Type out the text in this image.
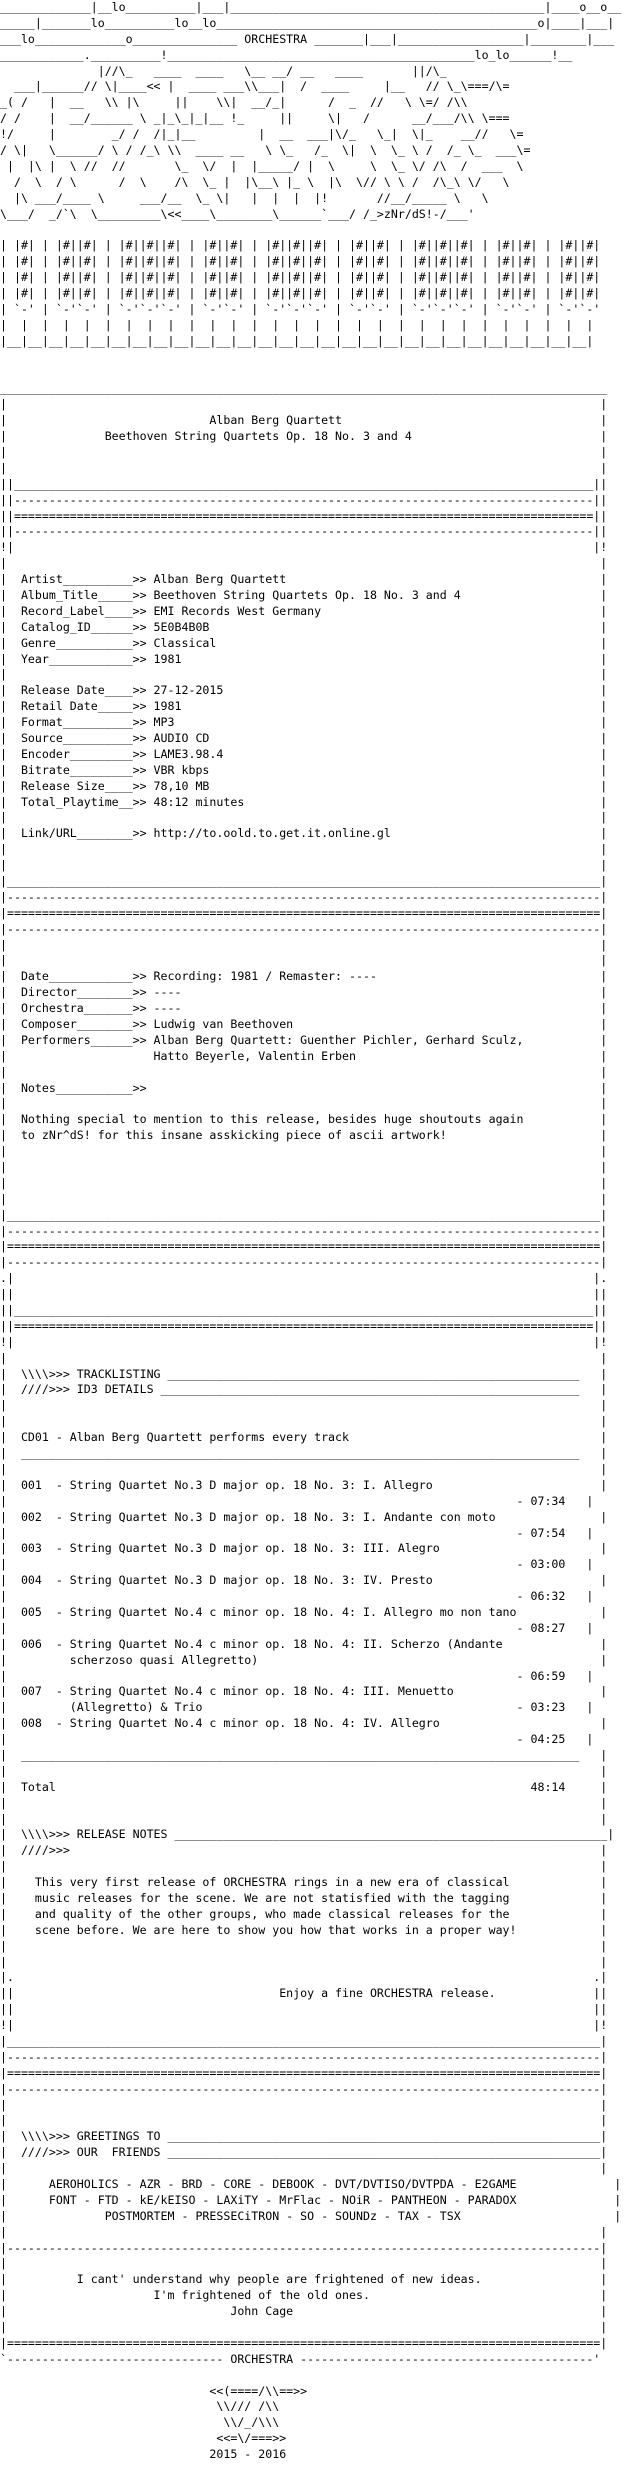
_____________|__lo__________|___|_____________________________________________|____o__o__
_____|_______lo__________lo__lo______________________________________________o|____|___|
___lo_____________o_______________ ORCHESTRA _______|___|__________________|________|___
____________.__________!____________________________________________lo_lo______!__
|//\_   ____  ____   \__ __/ __   ____       ||/\_
___|______// \|____<< |  ____ ___\\___|  /  ____     |__   // \_\===/\=
_( /   |  __   \\ |\     ||    \\|  __/_|      /  _  //   \ \=/ /\\
/ /    |  __/______ \ _|_\_|_|__ !_     ||     \|   /      __/___/\\ \===
!/     |        _/ /  /|_|__         |  __  ___|\/_   \_|  \|_    __//   \=
/ \|   \______/ \ / /_\ \\  ____ __   \ \_   /_  \|  \  \_ \ /  /_ \_  ___\=
|  |\ |  \ //  //       \_  \/  |  |_____/ |  \     \  \_ \/ /\  /  ___  \
/  \  / \      /  \    /\  \_ |  |\__\ |_ \  |\  \// \ \ /  /\_\ \/   \
|\ ___/____ \     ___/__  \_ \|   |  |  |  |!       //__/_____ \   \
\___/  _/`\  \_________\<<____\________\______`___/ /_>zNr/dS!-/___'

| |#| | |#||#| | |#||#||#| | |#||#| | |#||#||#| | |#||#| | |#||#||#| | |#||#| | |#||#|
| |#| | |#||#| | |#||#||#| | |#||#| | |#||#||#| | |#||#| | |#||#||#| | |#||#| | |#||#|
| |#| | |#||#| | |#||#||#| | |#||#| | |#||#||#| | |#||#| | |#||#||#| | |#||#| | |#||#|
| |#| | |#||#| | |#||#||#| | |#||#| | |#||#||#| | |#||#| | |#||#||#| | |#||#| | |#||#|
| `-' | `-'`-' | `-'`-'`-' | `-'`-' | `-'`-'`-' | `-'`-' | `-'`-'`-' | `-'`-' | `-'`-'
|  |  |  |  |  |  |  |  |  |  |  |  |  |  |  |  |  |  |  |  |  |  |  |  |  |  |  |  |
|__|__|__|__|__|__|__|__|__|__|__|__|__|__|__|__|__|__|__|__|__|__|__|__|__|__|__|__|

_______________________________________________________________________________________
|                                                                                     |
|                             Alban Berg Quartett                                     |
|              Beethoven String Quartets Op. 18 No. 3 and 4                           |
|                                                                                     |
|                                                                                     |
||___________________________________________________________________________________||
||-----------------------------------------------------------------------------------||
||===================================================================================||
||-----------------------------------------------------------------------------------||
!|                                                                                   |!
|                                                                                     |
|  Artist__________>> Alban Berg Quartett                                             |
|  Album_Title_____>> Beethoven String Quartets Op. 18 No. 3 and 4                    |
|  Record_Label____>> EMI Records West Germany                                        |
|  Catalog_ID______>> 5E0B4B0B                                                        |
|  Genre___________>> Classical                                                       |
|  Year____________>> 1981                                                            |
|                                                                                     |
|  Release Date____>> 27-12-2015                                                      |
|  Retail Date_____>> 1981                                                            |
|  Format__________>> MP3                                                             |
|  Source__________>> AUDIO CD                                                        |
|  Encoder_________>> LAME3.98.4                                                      |
|  Bitrate_________>> VBR kbps                                                        |
|  Release Size____>> 78,10 MB                                                        |
|  Total_Playtime__>> 48:12 minutes                                                   |
|                                                                                     |
|  Link/URL________>> http://to.oold.to.get.it.online.gl                              |
|                                                                                     |
|                                                                                     |
|_____________________________________________________________________________________|
|-------------------------------------------------------------------------------------|
|=====================================================================================|
|-------------------------------------------------------------------------------------|
|                                                                                     |
|                                                                                     |
|  Date____________>> Recording: 1981 / Remaster: ----                                |
|  Director________>> ----                                                            |
|  Orchestra_______>> ----                                                            |
|  Composer________>> Ludwig van Beethoven                                            |
|  Performers______>> Alban Berg Quartett: Guenther Pichler, Gerhard Sculz,           |
|                     Hatto Beyerle, Valentin Erben                                   |
|                                                                                     |
|  Notes___________>>                                                                 |
|                                                                                     |
|  Nothing special to mention to this release, besides huge shoutouts again           |
|  to zNr^dS! for this insane asskicking piece of ascii artwork!                      |
|                                                                                     |
|                                                                                     |
|                                                                                     |
|                                                                                     |
|_____________________________________________________________________________________|
|-------------------------------------------------------------------------------------|
|=====================================================================================|
|-------------------------------------------------------------------------------------|
.|                                                                                   |.
||                                                                                   ||
||___________________________________________________________________________________||
||===================================================================================||
!|                                                                                   |!
|                                                                                     |
|  \\\\>>> TRACKLISTING ___________________________________________________________   |
|  ////>>> ID3 DETAILS ____________________________________________________________   |
|                                                                                     |
|                                                                                     |
|  CD01 - Alban Berg Quartett performs every track                                    |
|  ________________________________________________________________________________   |
|                                                                                     |
|  001  - String Quartet No.3 D major op. 18 No. 3: I. Allegro                        |
|                                                                         - 07:34   |
|  002  - String Quartet No.3 D major op. 18 No. 3: I. Andante con moto               |
|                                                                         - 07:54   |
|  003  - String Quartet No.3 D major op. 18 No. 3: III. Alegro                       |
|                                                                         - 03:00   |
|  004  - String Quartet No.3 D major op. 18 No. 3: IV. Presto                        |
|                                                                         - 06:32   |
|  005  - String Quartet No.4 c minor op. 18 No. 4: I. Allegro mo non tano            |
|                                                                         - 08:27   |
|  006  - String Quartet No.4 c minor op. 18 No. 4: II. Scherzo (Andante              |
|         scherzoso quasi Allegretto)                                                 |
|                                                                         - 06:59   |
|  007  - String Quartet No.4 c minor op. 18 No. 4: III. Menuetto                     |
|         (Allegretto) & Trio                                             - 03:23   |
|  008  - String Quartet No.4 c minor op. 18 No. 4: IV. Allegro                       |
|                                                                         - 04:25   |
|  ________________________________________________________________________________   |
|                                                                                     |
|  Total                                                                    48:14     |
|                                                                                     |
|                                                                                     |
|  \\\\>>> RELEASE NOTES ______________________________________________________________|
|  ////>>>                                                                            |
|                                                                                     |
|    This very first release of ORCHESTRA rings in a new era of classical             |
|    music releases for the scene. We are not statisfied with the tagging             |
|    and quality of the other groups, who made classical releases for the             |
|    scene before. We are here to show you how that works in a proper way!            |
|                                                                                     |
|                                                                                     |
|.                                                                                   .|
||                                      Enjoy a fine ORCHESTRA release.              ||
||                                                                                   ||
!|                                                                                   |!
|_____________________________________________________________________________________|
|-------------------------------------------------------------------------------------|
|=====================================================================================|
|-------------------------------------------------------------------------------------|
|                                                                                     |
|                                                                                     |
|  \\\\>>> GREETINGS TO ______________________________________________________________|
|  ////>>> OUR  FRIENDS ______________________________________________________________|
|                                                                                     |
|      AEROHOLICS - AZR - BRD - CORE - DEBOOK - DVT/DVTISO/DVTPDA - E2GAME              |
|      FONT - FTD - kE/kEISO - LAXiTY - MrFlac - NOiR - PANTHEON - PARADOX              |
|              POSTMORTEM - PRESSECiTRON - SO - SOUNDz - TAX - TSX                      |
|                                                                                     |
|-------------------------------------------------------------------------------------|
|                                                                                     |
|          I cant' understand why people are frightened of new ideas.                 |
|                     I'm frightened of the old ones.                                 |
|                                John Cage                                            |
|                                                                                     |
|=====================================================================================|
`------------------------------- ORCHESTRA ------------------------------------------'

<<(====/\\==>>
\\/// /\\
\\/_/\\\
<<=\/===>>
2015 - 2016
